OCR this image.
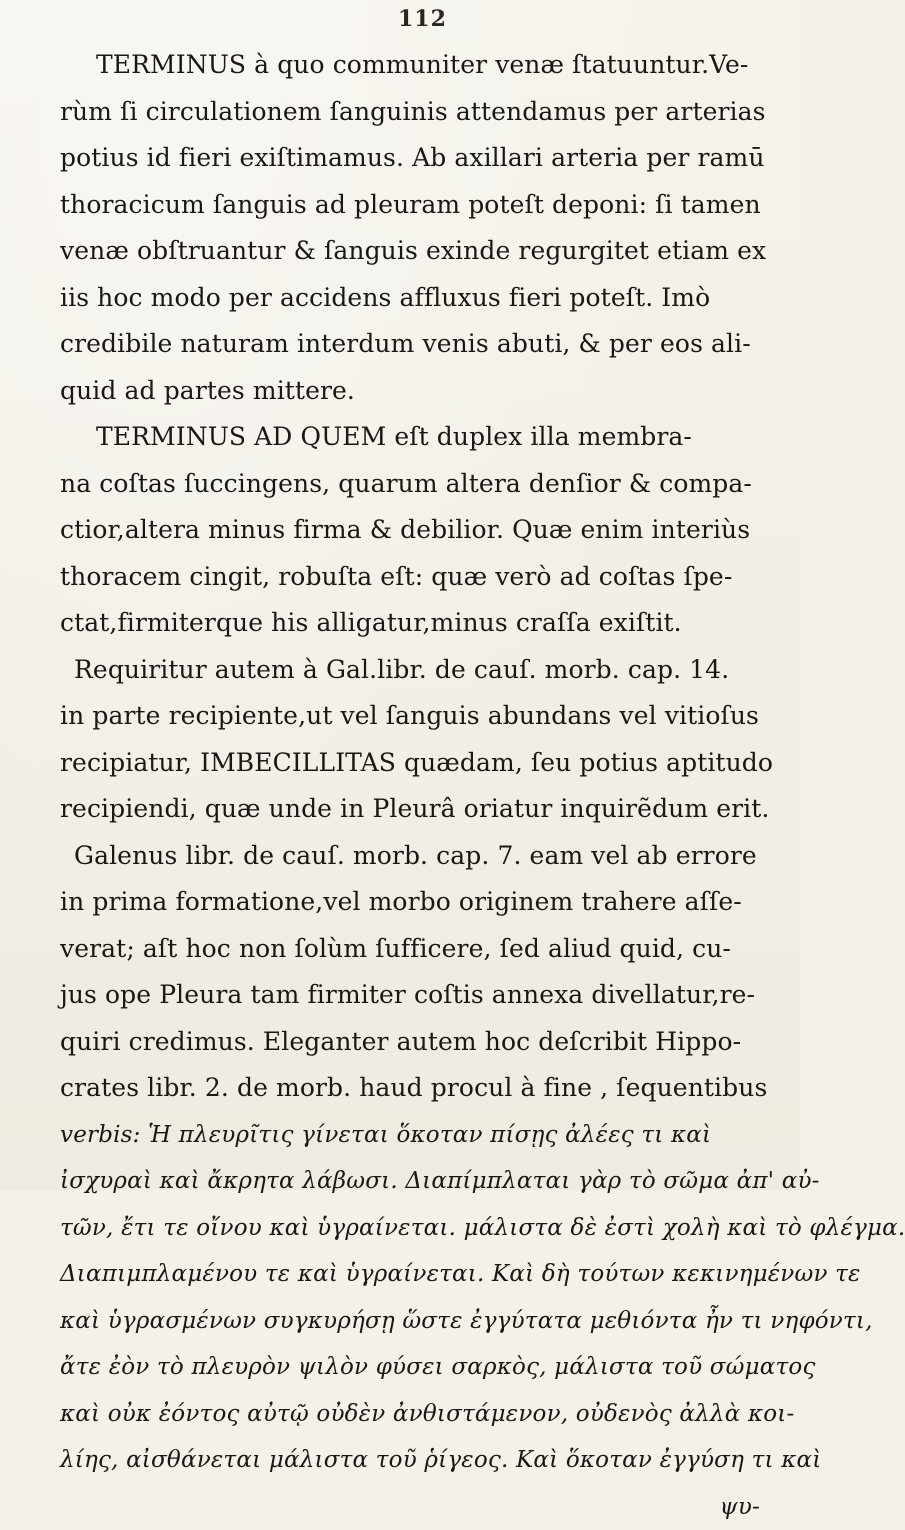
112
TERMINUS à quo communiter venæ ſtatuuntur.Ve-
rùm ſi circulationem ſanguinis attendamus per arterias
potius id fieri exiſtimamus. Ab axillari arteria per ramū
thoracicum ſanguis ad pleuram poteſt deponi: ſi tamen
venæ obſtruantur & ſanguis exinde regurgitet etiam ex
iis hoc modo per accidens affluxus fieri poteſt. Imò
credibile naturam interdum venis abuti, & per eos ali-
quid ad partes mittere.
TERMINUS AD QUEM eſt duplex illa membra-
na coſtas ſuccingens, quarum altera denſior & compa-
ctior,altera minus firma & debilior. Quæ enim interiùs
thoracem cingit, robuſta eſt: quæ verò ad coſtas ſpe-
ctat,firmiterque his alligatur,minus craſſa exiſtit.
Requiritur autem à Gal.libr. de cauſ. morb. cap. 14.
in parte recipiente,ut vel ſanguis abundans vel vitioſus
recipiatur, IMBECILLITAS quædam, ſeu potius aptitudo
recipiendi, quæ unde in Pleurâ oriatur inquirẽdum erit.
Galenus libr. de cauſ. morb. cap. 7. eam vel ab errore
in prima formatione,vel morbo originem trahere aſſe-
verat; aſt hoc non ſolùm ſufficere, ſed aliud quid, cu-
jus ope Pleura tam firmiter coſtis annexa divellatur,re-
quiri credimus. Eleganter autem hoc deſcribit Hippo-
crates libr. 2. de morb. haud procul à fine , ſequentibus
verbis: Ἡ πλευρῖτις γίνεται ὅκοταν πίσῃς ἀλέες τι καὶ
ἰσχυραὶ καὶ ἄκρητα λάβωσι. Διαπίμπλαται γὰρ τὸ σῶμα ἀπ' αὐ-
τῶν, ἔτι τε οἴνου καὶ ὑγραίνεται. μάλιστα δὲ ἐστὶ χολὴ καὶ τὸ φλέγμα.
Διαπιμπλαμένου τε καὶ ὑγραίνεται. Καὶ δὴ τούτων κεκινημένων τε
καὶ ὑγρασμένων συγκυρήσῃ ὥστε ἐγγύτατα μεθιόντα ἦν τι νηφόντι,
ἄτε ἐὸν τὸ πλευρὸν ψιλὸν φύσει σαρκὸς, μάλιστα τοῦ σώματος
καὶ οὐκ ἐόντος αὐτῷ οὐδὲν ἀνθιστάμενον, οὐδενὸς ἀλλὰ κοι-
λίης, αἰσθάνεται μάλιστα τοῦ ῥίγεος. Καὶ ὅκοταν ἐγγύση τι καὶ
ψυ-
